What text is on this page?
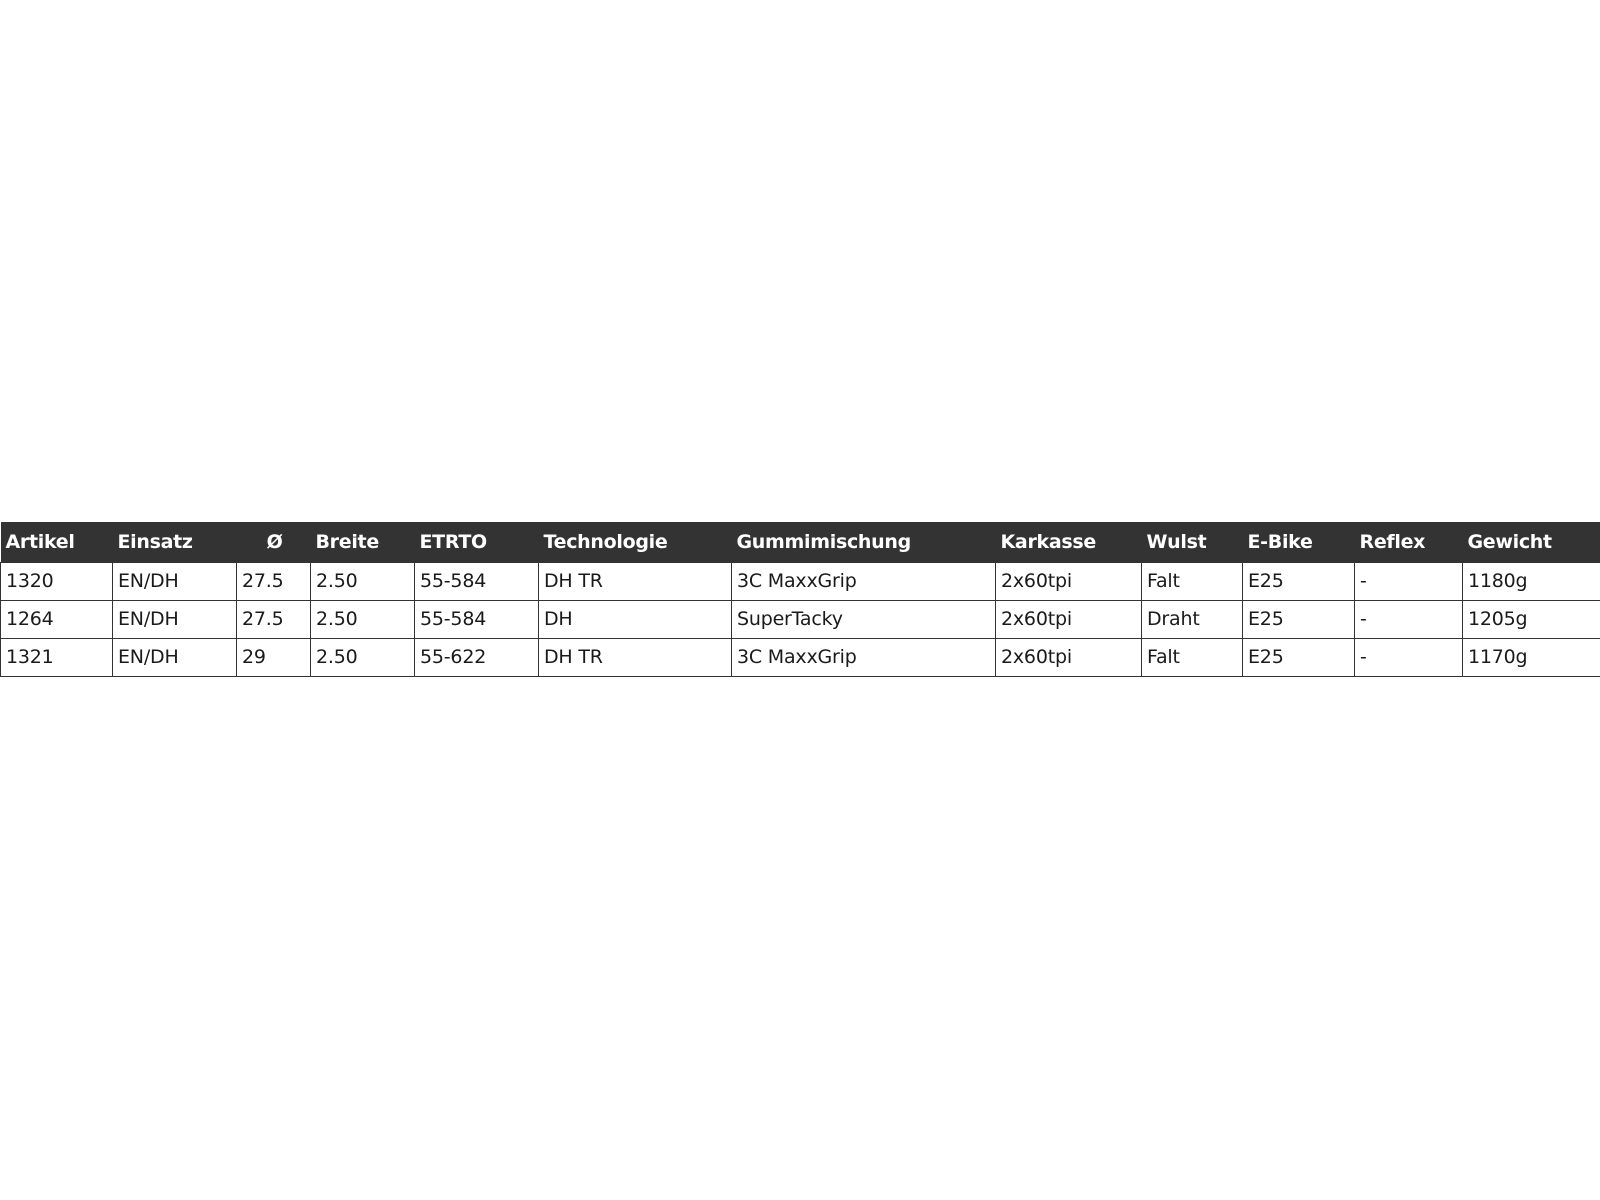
Artikel	Einsatz	Ø	Breite	ETRTO	Technologie	Gummimischung	Karkasse	Wulst	E-Bike	Reflex	Gewicht
1320	EN/DH	27.5	2.50	55-584	DH TR	3C MaxxGrip	2x60tpi	Falt	E25	-	1180g
1264	EN/DH	27.5	2.50	55-584	DH	SuperTacky	2x60tpi	Draht	E25	-	1205g
1321	EN/DH	29	2.50	55-622	DH TR	3C MaxxGrip	2x60tpi	Falt	E25	-	1170g
